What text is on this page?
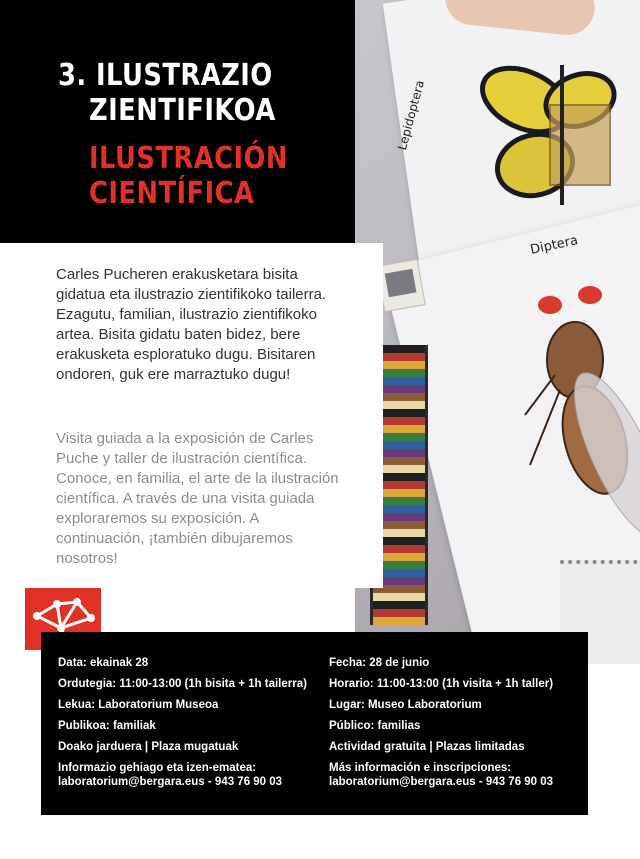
Lepidoptera
Diptera
3. ILUSTRAZIO
ZIENTIFIKOA
ILUSTRACIÓN
CIENTÍFICA

Carles Pucheren erakusketara bisita gidatua eta ilustrazio zientifikoko tailerra. Ezagutu, familian, ilustrazio zientifikoko artea. Bisita gidatu baten bidez, bere erakusketa esploratuko dugu. Bisitaren ondoren, guk ere marraztuko dugu!

Visita guiada a la exposición de Carles Puche y taller de ilustración científica. Conoce, en familia, el arte de la ilustración científica. A través de una visita guiada exploraremos su exposición. A continuación, ¡también dibujaremos nosotros!

Data: ekainak 28
Ordutegia: 11:00-13:00 (1h bisita + 1h tailerra)
Lekua: Laboratorium Museoa
Publikoa: familiak
Doako jarduera | Plaza mugatuak
Informazio gehiago eta izen-ematea:
laboratorium@bergara.eus - 943 76 90 03
Fecha: 28 de junio
Horario: 11:00-13:00 (1h visita + 1h taller)
Lugar: Museo Laboratorium
Público: familias
Actividad gratuita | Plazas limitadas
Más información e inscripciones:
laboratorium@bergara.eus - 943 76 90 03
